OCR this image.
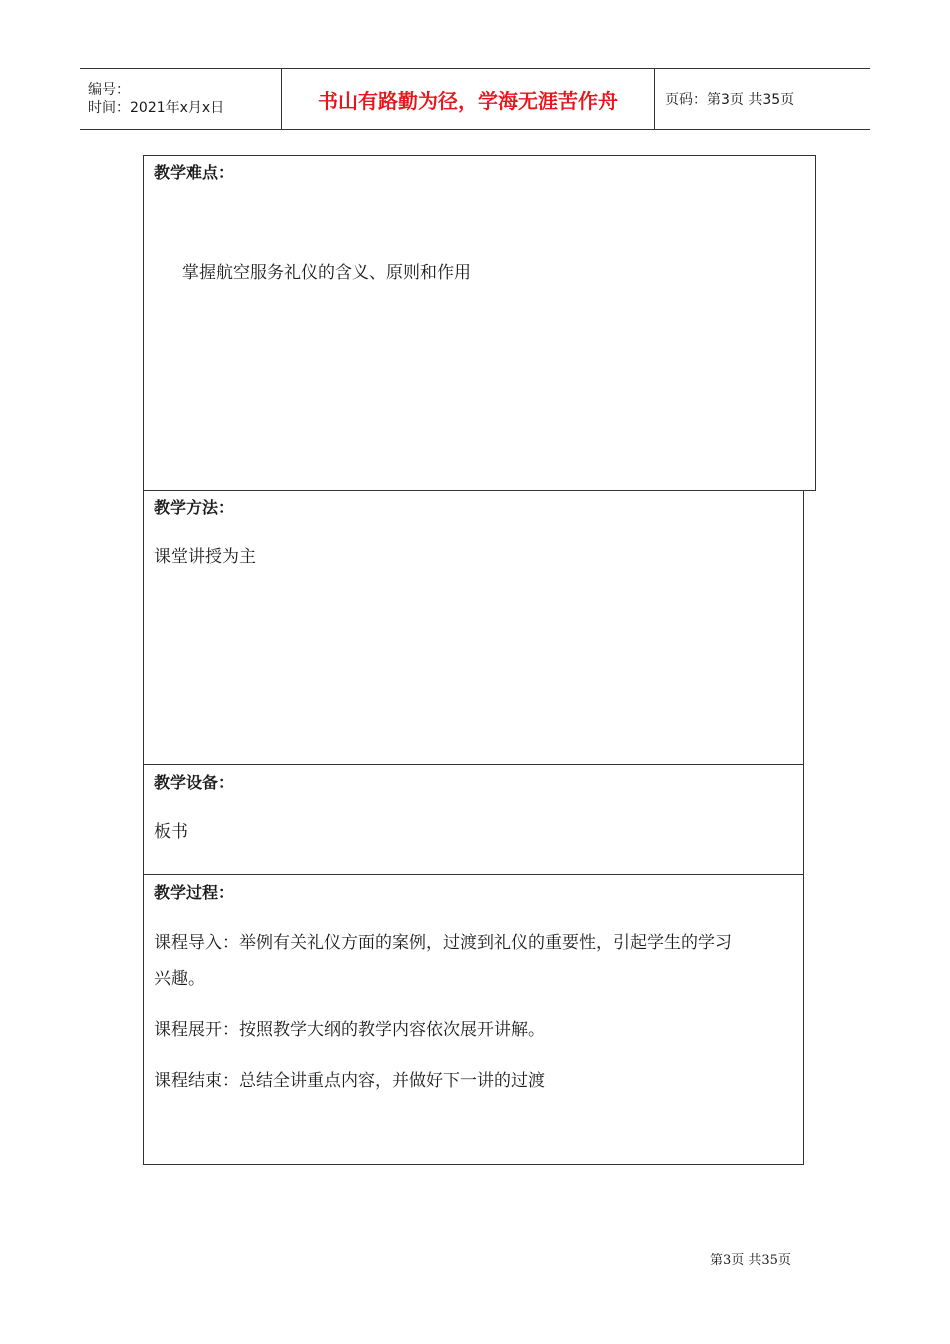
编号：
时间：2021年x月x日	书山有路勤为径，学海无涯苦作舟	页码：第3页 共35页
教学难点：
掌握航空服务礼仪的含义、原则和作用
教学方法：
课堂讲授为主
教学设备：
板书
教学过程：
课程导入：举例有关礼仪方面的案例，过渡到礼仪的重要性，引起学生的学习
兴趣。
课程展开：按照教学大纲的教学内容依次展开讲解。
课程结束：总结全讲重点内容，并做好下一讲的过渡
第3页 共35页
